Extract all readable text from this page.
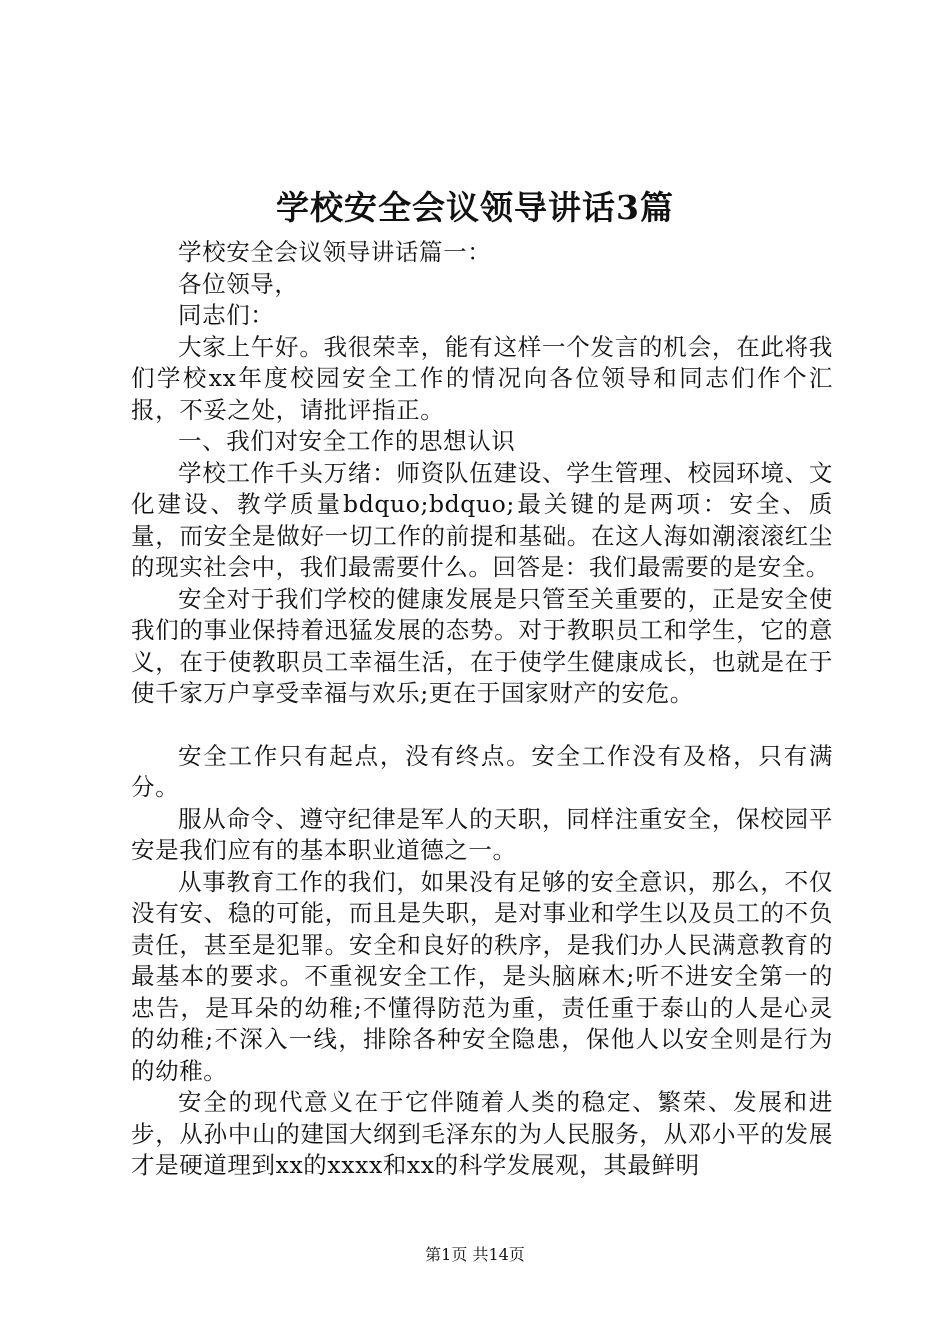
学校安全会议领导讲话3篇

学校安全会议领导讲话篇一：

各位领导，

同志们：

大家上午好。我很荣幸，能有这样一个发言的机会，在此将我们学校xx年度校园安全工作的情况向各位领导和同志们作个汇报，不妥之处，请批评指正。

一、我们对安全工作的思想认识

学校工作千头万绪：师资队伍建设、学生管理、校园环境、文化建设、教学质量bdquo;bdquo;最关键的是两项：安全、质量，而安全是做好一切工作的前提和基础。在这人海如潮滚滚红尘的现实社会中，我们最需要什么。回答是：我们最需要的是安全。

安全对于我们学校的健康发展是只管至关重要的，正是安全使我们的事业保持着迅猛发展的态势。对于教职员工和学生，它的意义，在于使教职员工幸福生活，在于使学生健康成长，也就是在于使千家万户享受幸福与欢乐;更在于国家财产的安危。

安全工作只有起点，没有终点。安全工作没有及格，只有满分。

服从命令、遵守纪律是军人的天职，同样注重安全，保校园平安是我们应有的基本职业道德之一。

从事教育工作的我们，如果没有足够的安全意识，那么，不仅没有安、稳的可能，而且是失职，是对事业和学生以及员工的不负责任，甚至是犯罪。安全和良好的秩序，是我们办人民满意教育的最基本的要求。不重视安全工作，是头脑麻木;听不进安全第一的忠告，是耳朵的幼稚;不懂得防范为重，责任重于泰山的人是心灵的幼稚;不深入一线，排除各种安全隐患，保他人以安全则是行为的幼稚。

安全的现代意义在于它伴随着人类的稳定、繁荣、发展和进步，从孙中山的建国大纲到毛泽东的为人民服务，从邓小平的发展才是硬道理到xx的xxxx和xx的科学发展观，其最鲜明

第1页 共14页
